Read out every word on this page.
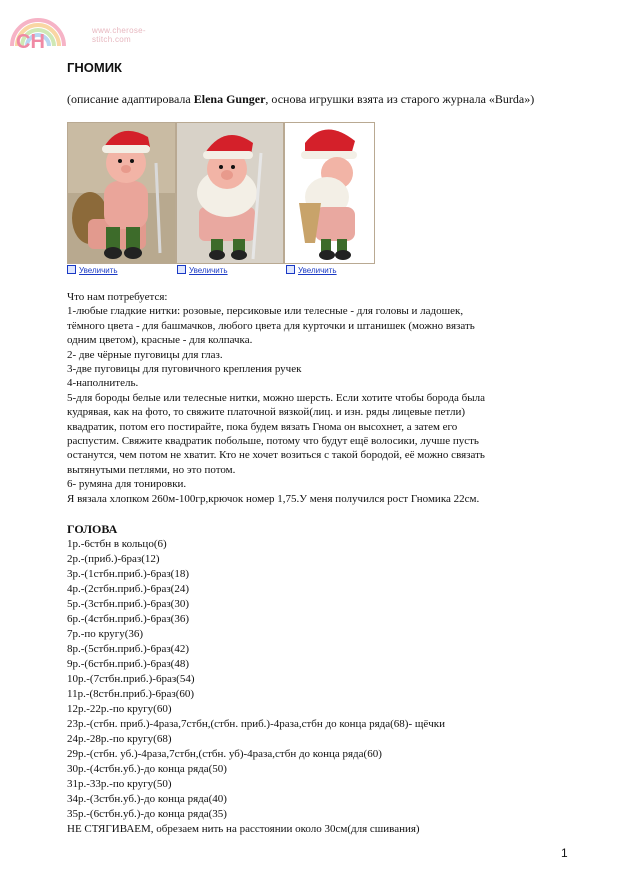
CH
www.cherose-stitch.com
ГНОМИК
(описание адаптировала Elena Gunger, основа игрушки взята из старого журнала «Burda»)
Увеличить	Увеличить	Увеличить
Что нам потребуется:
1-любые гладкие нитки: розовые, персиковые или телесные - для головы и ладошек,
тёмного цвета - для башмачков, любого цвета для курточки и штанишек (можно вязать
одним цветом), красные - для колпачка.
2- две чёрные пуговицы для глаз.
3-две пуговицы для пуговичного крепления ручек
4-наполнитель.
5-для бороды белые или телесные нитки, можно шерсть. Если хотите чтобы борода была
кудрявая, как на фото, то свяжите платочной вязкой(лиц. и изн. ряды лицевые петли)
квадратик, потом его постирайте, пока будем вязать Гнома он высохнет, а затем его
распустим. Свяжите квадратик побольше, потому что будут ещё волосики, лучше пусть
останутся, чем потом не хватит. Кто не хочет возиться с такой бородой, её можно связать
вытянутыми петлями, но это потом.
6- румяна для тонировки.
Я вязала хлопком 260м-100гр,крючок номер 1,75.У меня получился рост Гномика 22см.
ГОЛОВА
1р.-6стбн в кольцо(6)
2р.-(приб.)-6раз(12)
3р.-(1стбн.приб.)-6раз(18)
4р.-(2стбн.приб.)-6раз(24)
5р.-(3стбн.приб.)-6раз(30)
6р.-(4стбн.приб.)-6раз(36)
7р.-по кругу(36)
8р.-(5стбн.приб.)-6раз(42)
9р.-(6стбн.приб.)-6раз(48)
10р.-(7стбн.приб.)-6раз(54)
11р.-(8стбн.приб.)-6раз(60)
12р.-22р.-по кругу(60)
23р.-(стбн. приб.)-4раза,7стбн,(стбн. приб.)-4раза,стбн до конца ряда(68)- щёчки
24р.-28р.-по кругу(68)
29р.-(стбн. уб.)-4раза,7стбн,(стбн. уб)-4раза,стбн до конца ряда(60)
30р.-(4стбн.уб.)-до конца ряда(50)
31р.-33р.-по кругу(50)
34р.-(3стбн.уб.)-до конца ряда(40)
35р.-(6стбн.уб.)-до конца ряда(35)
НЕ СТЯГИВАЕМ, обрезаем нить на расстоянии около 30см(для сшивания)
1
